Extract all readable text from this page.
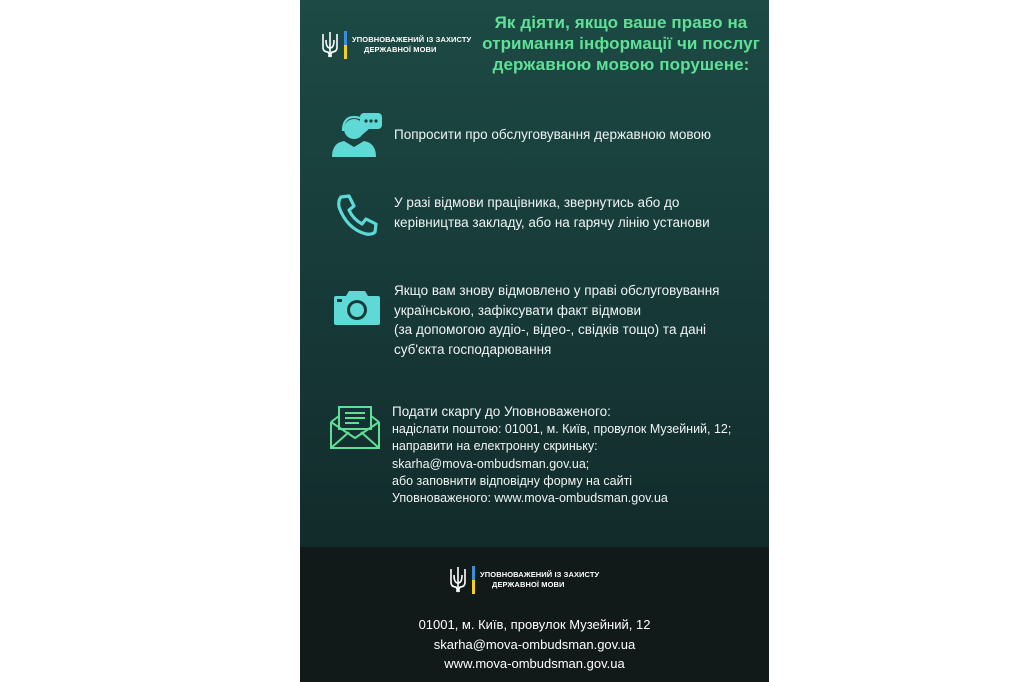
УПОВНОВАЖЕНИЙ ІЗ ЗАХИСТУ
ДЕРЖАВНОЇ МОВИ
Як діяти, якщо ваше право на
отримання інформації чи послуг
державною мовою порушене:
Попросити про обслуговування державною мовою
У разі відмови працівника, звернутись або до
керівництва закладу, або на гарячу лінію установи
Якщо вам знову відмовлено у праві обслуговування
українською, зафіксувати факт відмови
(за допомогою аудіо-, відео-, свідків тощо) та дані
суб'єкта господарювання
Подати скаргу до Уповноваженого:
надіслати поштою: 01001, м. Київ, провулок Музейний, 12;
направити на електронну скриньку:
skarha@mova-ombudsman.gov.ua;
або заповнити відповідну форму на сайті
Уповноваженого: www.mova-ombudsman.gov.ua
УПОВНОВАЖЕНИЙ ІЗ ЗАХИСТУ
ДЕРЖАВНОЇ МОВИ
01001, м. Київ, провулок Музейний, 12
skarha@mova-ombudsman.gov.ua
www.mova-ombudsman.gov.ua
